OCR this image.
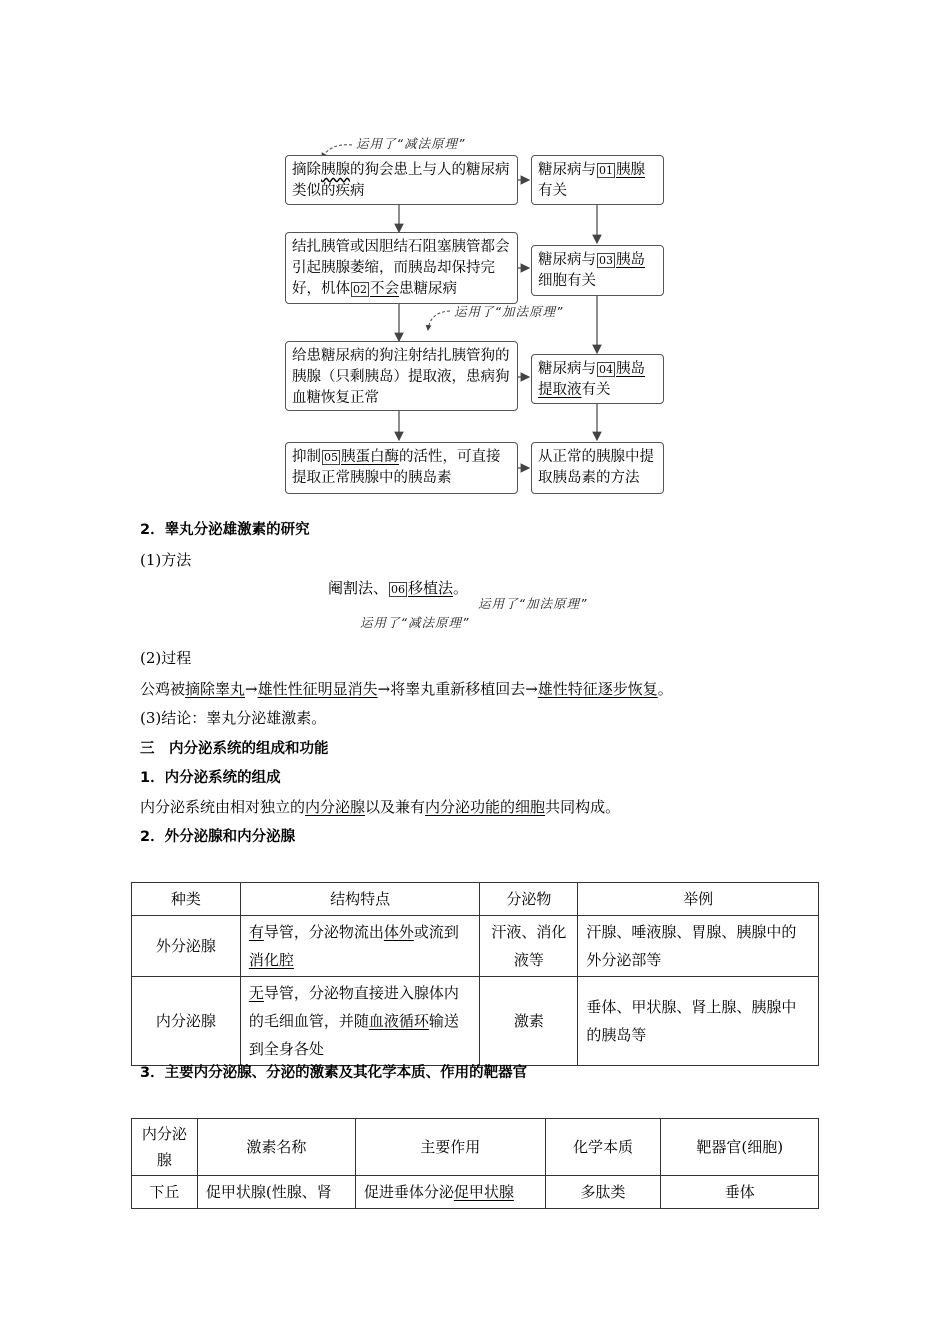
运用了“减法原理”
运用了“加法原理”
摘除胰腺的狗会患上与人的糖尿病类似的疾病
结扎胰管或因胆结石阻塞胰管都会引起胰腺萎缩，而胰岛却保持完好，机体 02 不会患糖尿病
给患糖尿病的狗注射结扎胰管狗的胰腺（只剩胰岛）提取液，患病狗血糖恢复正常
抑制 05 胰蛋白酶的活性，可直接提取正常胰腺中的胰岛素
糖尿病与 01 胰腺有关
糖尿病与 03 胰岛细胞有关
糖尿病与 04 胰岛提取液有关
从正常的胰腺中提取胰岛素的方法
2．睾丸分泌雄激素的研究
(1)方法
阉割法、 06 移植法。
运用了“加法原理”
运用了“减法原理”
(2)过程
公鸡被摘除睾丸→雄性性征明显消失→将睾丸重新移植回去→雄性特征逐步恢复。
(3)结论：睾丸分泌雄激素。
三　内分泌系统的组成和功能
1．内分泌系统的组成
内分泌系统由相对独立的内分泌腺以及兼有内分泌功能的细胞共同构成。
2．外分泌腺和内分泌腺
种类	结构特点	分泌物	举例
外分泌腺	有导管，分泌物流出体外或流到消化腔	汗液、消化液等	汗腺、唾液腺、胃腺、胰腺中的外分泌部等
内分泌腺	无导管，分泌物直接进入腺体内的毛细血管，并随血液循环输送到全身各处	激素	垂体、甲状腺、肾上腺、胰腺中的胰岛等
3．主要内分泌腺、分泌的激素及其化学本质、作用的靶器官
内分泌腺	激素名称	主要作用	化学本质	靶器官(细胞)
下丘	促甲状腺(性腺、肾	促进垂体分泌促甲状腺	多肽类	垂体
